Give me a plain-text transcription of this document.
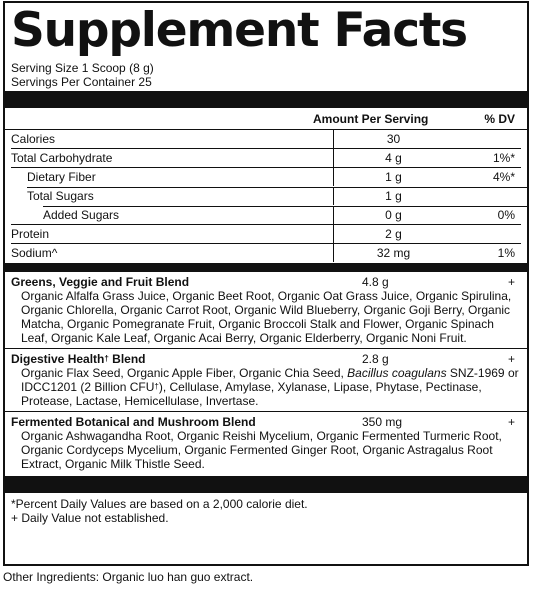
Supplement Facts
Serving Size 1 Scoop (8 g)
Servings Per Container 25
Amount Per Serving	% DV
Calories	30
Total Carbohydrate	4 g	1%*
Dietary Fiber	1 g	4%*
Total Sugars	1 g
Added Sugars	0 g	0%
Protein	2 g
Sodium^	32 mg	1%
Greens, Veggie and Fruit Blend	4.8 g	+
Organic Alfalfa Grass Juice, Organic Beet Root, Organic Oat Grass Juice, Organic Spirulina, Organic Chlorella, Organic Carrot Root, Organic Wild Blueberry, Organic Goji Berry, Organic Matcha, Organic Pomegranate Fruit, Organic Broccoli Stalk and Flower, Organic Spinach Leaf, Organic Kale Leaf, Organic Acai Berry, Organic Elderberry, Organic Noni Fruit.
Digestive Health† Blend	2.8 g	+
Organic Flax Seed, Organic Apple Fiber, Organic Chia Seed, Bacillus coagulans SNZ-1969 or IDCC1201 (2 Billion CFU†), Cellulase, Amylase, Xylanase, Lipase, Phytase, Pectinase, Protease, Lactase, Hemicellulase, Invertase.
Fermented Botanical and Mushroom Blend	350 mg	+
Organic Ashwagandha Root, Organic Reishi Mycelium, Organic Fermented Turmeric Root, Organic Cordyceps Mycelium, Organic Fermented Ginger Root, Organic Astragalus Root Extract, Organic Milk Thistle Seed.
*Percent Daily Values are based on a 2,000 calorie diet.
+ Daily Value not established.
Other Ingredients: Organic luo han guo extract.
